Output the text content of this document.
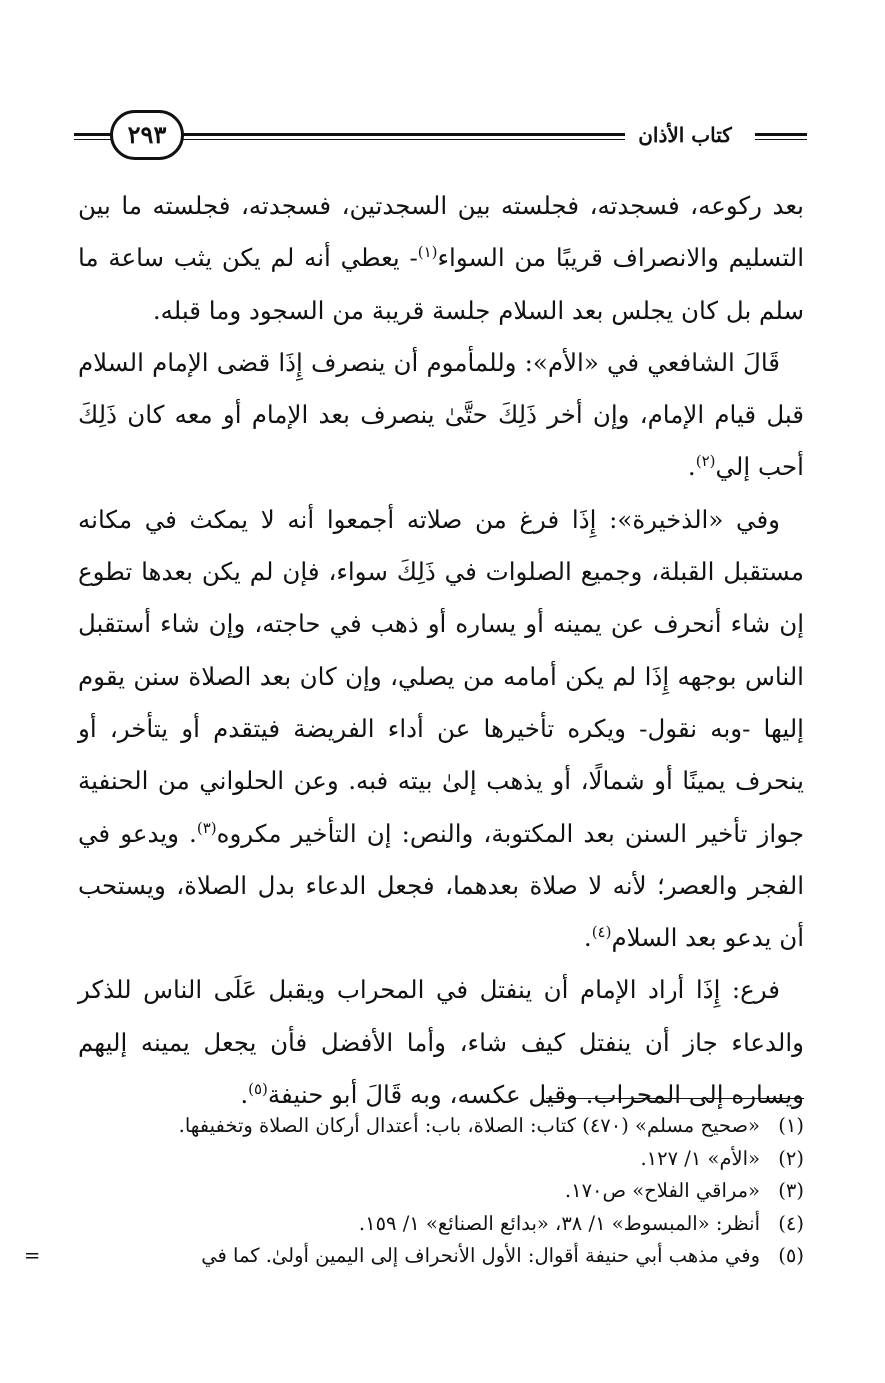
كتاب الأذان
٢٩٣

بعد ركوعه، فسجدته، فجلسته بين السجدتين، فسجدته، فجلسته ما بين التسليم والانصراف قريبًا من السواء$^{(١)}$- يعطي أنه لم يكن يثب ساعة ما سلم بل كان يجلس بعد السلام جلسة قريبة من السجود وما قبله.

قَالَ الشافعي في «الأم»: وللمأموم أن ينصرف إِذَا قضى الإمام السلام قبل قيام الإمام، وإن أخر ذَلِكَ حتَّىٰ ينصرف بعد الإمام أو معه كان ذَلِكَ أحب إلي$^{(٢)}$.

وفي «الذخيرة»: إِذَا فرغ من صلاته أجمعوا أنه لا يمكث في مكانه مستقبل القبلة، وجميع الصلوات في ذَلِكَ سواء، فإن لم يكن بعدها تطوع إن شاء أنحرف عن يمينه أو يساره أو ذهب في حاجته، وإن شاء أستقبل الناس بوجهه إِذَا لم يكن أمامه من يصلي، وإن كان بعد الصلاة سنن يقوم إليها -وبه نقول- ويكره تأخيرها عن أداء الفريضة فيتقدم أو يتأخر، أو ينحرف يمينًا أو شمالًا، أو يذهب إلىٰ بيته فبه. وعن الحلواني من الحنفية جواز تأخير السنن بعد المكتوبة، والنص: إن التأخير مكروه$^{(٣)}$. ويدعو في الفجر والعصر؛ لأنه لا صلاة بعدهما، فجعل الدعاء بدل الصلاة، ويستحب أن يدعو بعد السلام$^{(٤)}$.

فرع: إِذَا أراد الإمام أن ينفتل في المحراب ويقبل عَلَى الناس للذكر والدعاء جاز أن ينفتل كيف شاء، وأما الأفضل فأن يجعل يمينه إليهم ويساره إلى المحراب. وقيل عكسه، وبه قَالَ أبو حنيفة$^{(٥)}$.

(١)«صحيح مسلم» (٤٧٠) كتاب: الصلاة، باب: أعتدال أركان الصلاة وتخفيفها.
(٢)«الأم» ١/ ١٢٧.
(٣)«مراقي الفلاح» ص١٧٠.
(٤)أنظر: «المبسوط» ١/ ٣٨، «بدائع الصنائع» ١/ ١٥٩.
(٥)وفي مذهب أبي حنيفة أقوال: الأول الأنحراف إلى اليمين أولىٰ. كما في
=
